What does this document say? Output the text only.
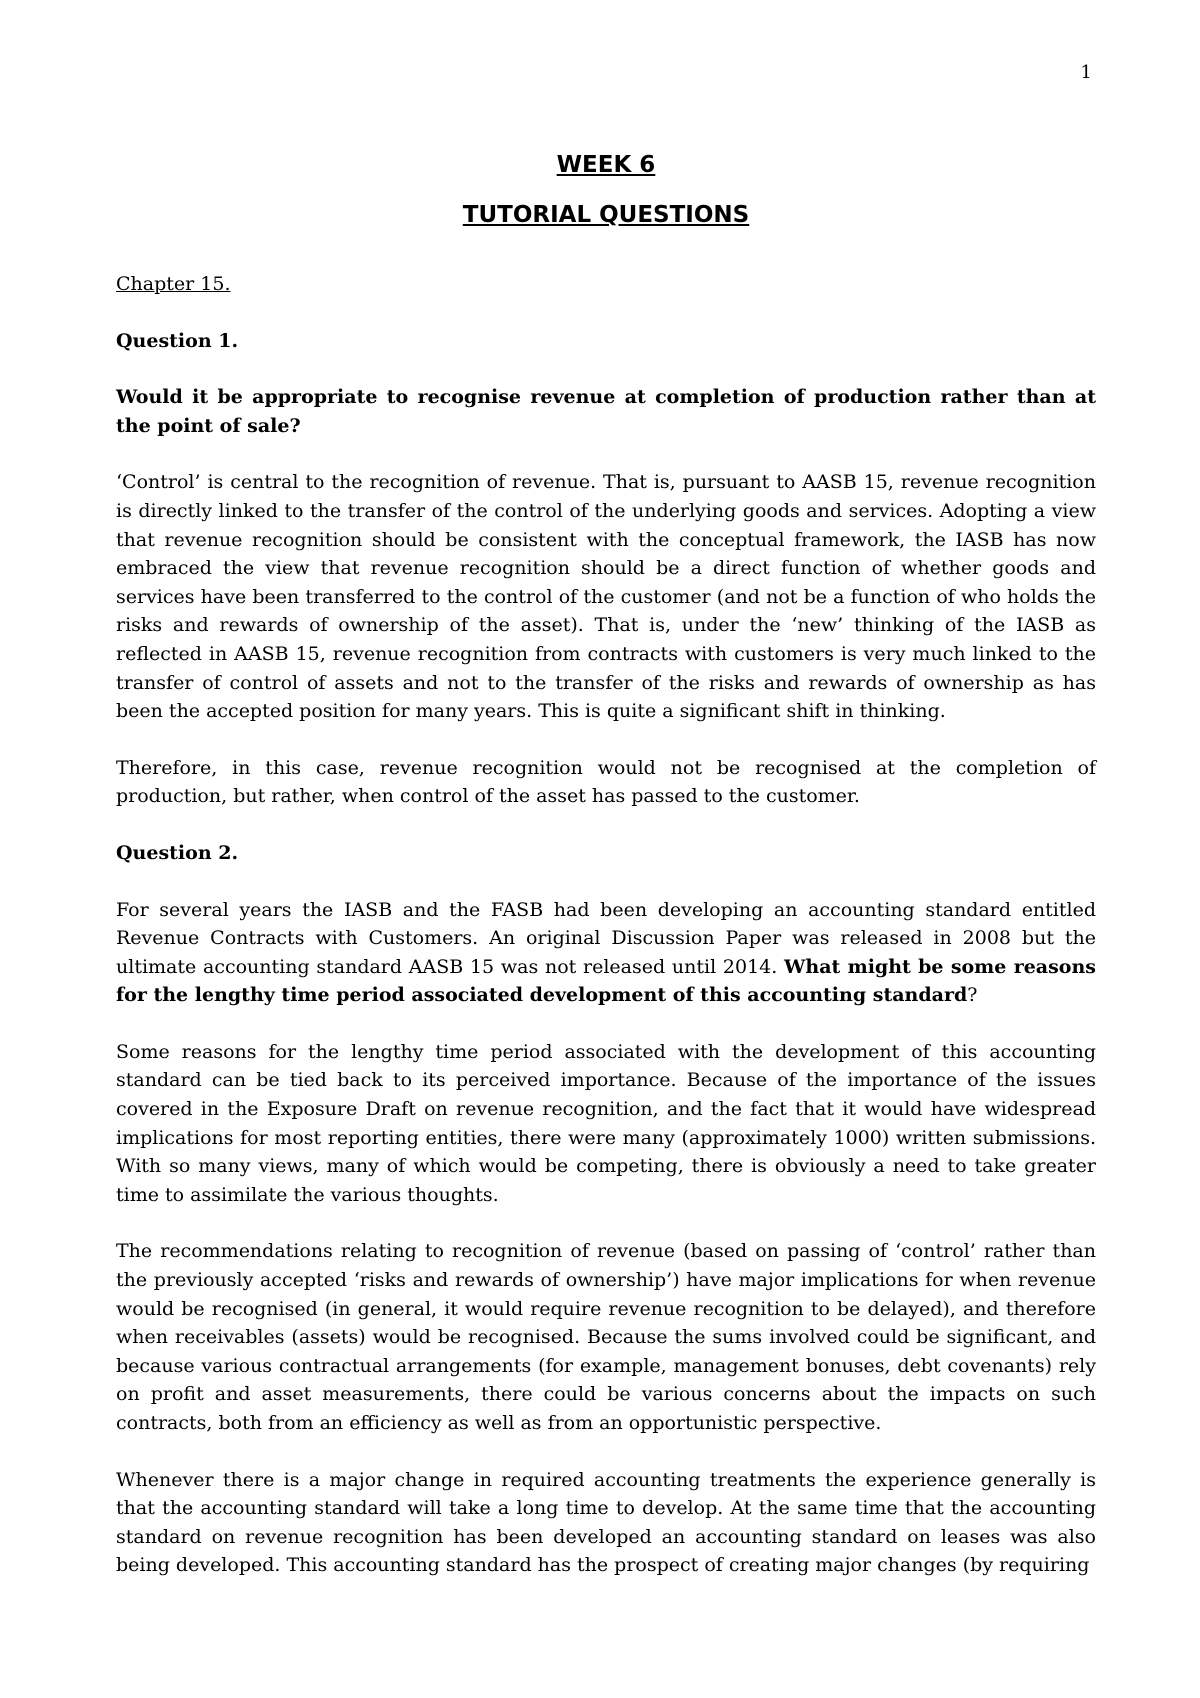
1
WEEK 6
TUTORIAL QUESTIONS

Chapter 15.

Question 1.

Would it be appropriate to recognise revenue at completion of production rather than at the point of sale?

‘Control’ is central to the recognition of revenue. That is, pursuant to AASB 15, revenue recognition is directly linked to the transfer of the control of the underlying goods and services. Adopting a view that revenue recognition should be consistent with the conceptual framework, the IASB has now embraced the view that revenue recognition should be a direct function of whether goods and services have been transferred to the control of the customer (and not be a function of who holds the risks and rewards of ownership of the asset). That is, under the ‘new’ thinking of the IASB as reflected in AASB 15, revenue recognition from contracts with customers is very much linked to the transfer of control of assets and not to the transfer of the risks and rewards of ownership as has been the accepted position for many years. This is quite a significant shift in thinking.

Therefore, in this case, revenue recognition would not be recognised at the completion of production, but rather, when control of the asset has passed to the customer.

Question 2.

For several years the IASB and the FASB had been developing an accounting standard entitled Revenue Contracts with Customers. An original Discussion Paper was released in 2008 but the ultimate accounting standard AASB 15 was not released until 2014. What might be some reasons for the lengthy time period associated development of this accounting standard?

Some reasons for the lengthy time period associated with the development of this accounting standard can be tied back to its perceived importance. Because of the importance of the issues covered in the Exposure Draft on revenue recognition, and the fact that it would have widespread implications for most reporting entities, there were many (approximately 1000) written submissions. With so many views, many of which would be competing, there is obviously a need to take greater time to assimilate the various thoughts.

The recommendations relating to recognition of revenue (based on passing of ‘control’ rather than the previously accepted ‘risks and rewards of ownership’) have major implications for when revenue would be recognised (in general, it would require revenue recognition to be delayed), and therefore when receivables (assets) would be recognised. Because the sums involved could be significant, and because various contractual arrangements (for example, management bonuses, debt covenants) rely on profit and asset measurements, there could be various concerns about the impacts on such contracts, both from an efficiency as well as from an opportunistic perspective.

Whenever there is a major change in required accounting treatments the experience generally is that the accounting standard will take a long time to develop. At the same time that the accounting standard on revenue recognition has been developed an accounting standard on leases was also being developed. This accounting standard has the prospect of creating major changes (by requiring
